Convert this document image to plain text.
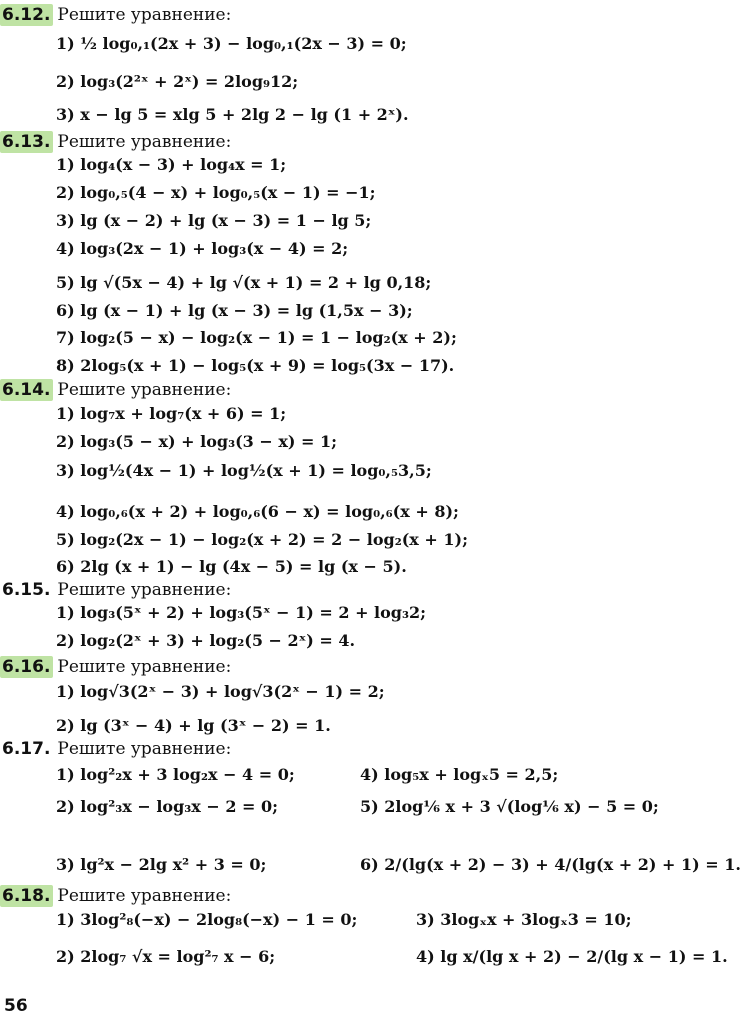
6.12. Решите уравнение:
1) ½ log₀,₁(2x + 3) − log₀,₁(2x − 3) = 0;
2) log₃(2²ˣ + 2ˣ) = 2log₉12;
3) x − lg 5 = xlg 5 + 2lg 2 − lg (1 + 2ˣ).
6.13. Решите уравнение:
1) log₄(x − 3) + log₄x = 1;
2) log₀,₅(4 − x) + log₀,₅(x − 1) = −1;
3) lg (x − 2) + lg (x − 3) = 1 − lg 5;
4) log₃(2x − 1) + log₃(x − 4) = 2;
5) lg √(5x − 4) + lg √(x + 1) = 2 + lg 0,18;
6) lg (x − 1) + lg (x − 3) = lg (1,5x − 3);
7) log₂(5 − x) − log₂(x − 1) = 1 − log₂(x + 2);
8) 2log₅(x + 1) − log₅(x + 9) = log₅(3x − 17).
6.14. Решите уравнение:
1) log₇x + log₇(x + 6) = 1;
2) log₃(5 − x) + log₃(3 − x) = 1;
3) log½(4x − 1) + log½(x + 1) = log₀,₅3,5;
4) log₀,₆(x + 2) + log₀,₆(6 − x) = log₀,₆(x + 8);
5) log₂(2x − 1) − log₂(x + 2) = 2 − log₂(x + 1);
6) 2lg (x + 1) − lg (4x − 5) = lg (x − 5).
6.15. Решите уравнение:
1) log₃(5ˣ + 2) + log₃(5ˣ − 1) = 2 + log₃2;
2) log₂(2ˣ + 3) + log₂(5 − 2ˣ) = 4.
6.16. Решите уравнение:
1) log√3(2ˣ − 3) + log√3(2ˣ − 1) = 2;
2) lg (3ˣ − 4) + lg (3ˣ − 2) = 1.
6.17. Решите уравнение:
1) log²₂x + 3 log₂x − 4 = 0;	4) log₅x + logₓ5 = 2,5;
2) log²₃x − log₃x − 2 = 0;	5) 2log⅙ x + 3 √(log⅙ x) − 5 = 0;
3) lg²x − 2lg x² + 3 = 0;	6) 2/(lg(x + 2) − 3) + 4/(lg(x + 2) + 1) = 1.
6.18. Решите уравнение:
1) 3log²₈(−x) − 2log₈(−x) − 1 = 0;	3) 3logₓx + 3logₓ3 = 10;
2) 2log₇ √x = log²₇ x − 6;	4) lg x/(lg x + 2) − 2/(lg x − 1) = 1.
56
